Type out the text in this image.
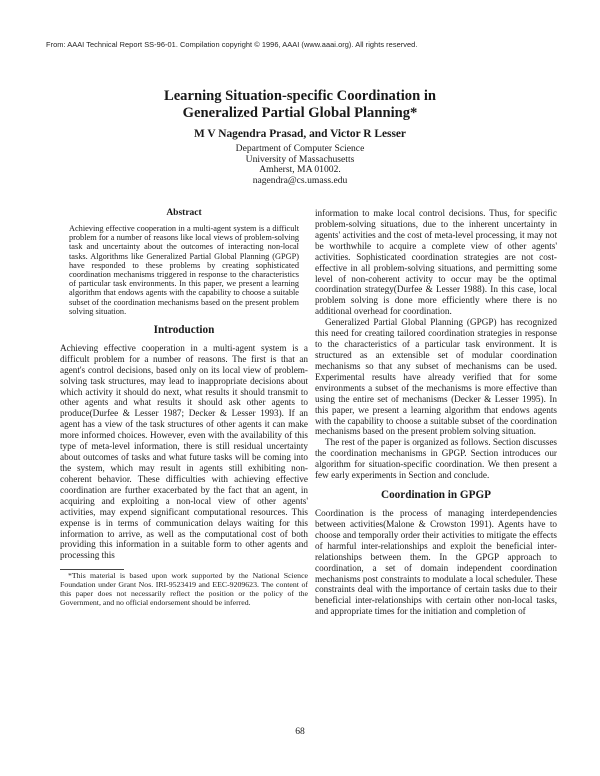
From: AAAI Technical Report SS-96-01. Compilation copyright © 1996, AAAI (www.aaai.org). All rights reserved.
Learning Situation-specific Coordination in
Generalized Partial Global Planning*
M V Nagendra Prasad, and Victor R Lesser
Department of Computer Science
University of Massachusetts
Amherst, MA 01002.
nagendra@cs.umass.edu
Abstract

Achieving effective cooperation in a multi-agent system is a difficult problem for a number of reasons like local views of problem-solving task and uncertainty about the outcomes of interacting non-local tasks. Algorithms like Generalized Partial Global Planning (GPGP) have responded to these problems by creating sophisticated coordination mechanisms triggered in response to the characteristics of particular task environments. In this paper, we present a learning algorithm that endows agents with the capability to choose a suitable subset of the coordination mechanisms based on the present problem solving situation.

Introduction

Achieving effective cooperation in a multi-agent system is a difficult problem for a number of reasons. The first is that an agent's control decisions, based only on its local view of problem-solving task structures, may lead to inappropriate decisions about which activity it should do next, what results it should transmit to other agents and what results it should ask other agents to produce(Durfee & Lesser 1987; Decker & Lesser 1993). If an agent has a view of the task structures of other agents it can make more informed choices. However, even with the availability of this type of meta-level information, there is still residual uncertainty about outcomes of tasks and what future tasks will be coming into the system, which may result in agents still exhibiting non-coherent behavior. These difficulties with achieving effective coordination are further exacerbated by the fact that an agent, in acquiring and exploiting a non-local view of other agents' activities, may expend significant computational resources. This expense is in terms of communication delays waiting for this information to arrive, as well as the computational cost of both providing this information in a suitable form to other agents and processing this

*This material is based upon work supported by the National Science Foundation under Grant Nos. IRI-9523419 and EEC-9209623. The content of this paper does not necessarily reflect the position or the policy of the Government, and no official endorsement should be inferred.

information to make local control decisions. Thus, for specific problem-solving situations, due to the inherent uncertainty in agents' activities and the cost of meta-level processing, it may not be worthwhile to acquire a complete view of other agents' activities. Sophisticated coordination strategies are not cost-effective in all problem-solving situations, and permitting some level of non-coherent activity to occur may be the optimal coordination strategy(Durfee & Lesser 1988). In this case, local problem solving is done more efficiently where there is no additional overhead for coordination.

Generalized Partial Global Planning (GPGP) has recognized this need for creating tailored coordination strategies in response to the characteristics of a particular task environment. It is structured as an extensible set of modular coordination mechanisms so that any subset of mechanisms can be used. Experimental results have already verified that for some environments a subset of the mechanisms is more effective than using the entire set of mechanisms (Decker & Lesser 1995). In this paper, we present a learning algorithm that endows agents with the capability to choose a suitable subset of the coordination mechanisms based on the present problem solving situation.

The rest of the paper is organized as follows. Section discusses the coordination mechanisms in GPGP. Section introduces our algorithm for situation-specific coordination. We then present a few early experiments in Section and conclude.

Coordination in GPGP

Coordination is the process of managing interdependencies between activities(Malone & Crowston 1991). Agents have to choose and temporally order their activities to mitigate the effects of harmful inter-relationships and exploit the beneficial inter-relationships between them. In the GPGP approach to coordination, a set of domain independent coordination mechanisms post constraints to modulate a local scheduler. These constraints deal with the importance of certain tasks due to their beneficial inter-relationships with certain other non-local tasks, and appropriate times for the initiation and completion of

68
